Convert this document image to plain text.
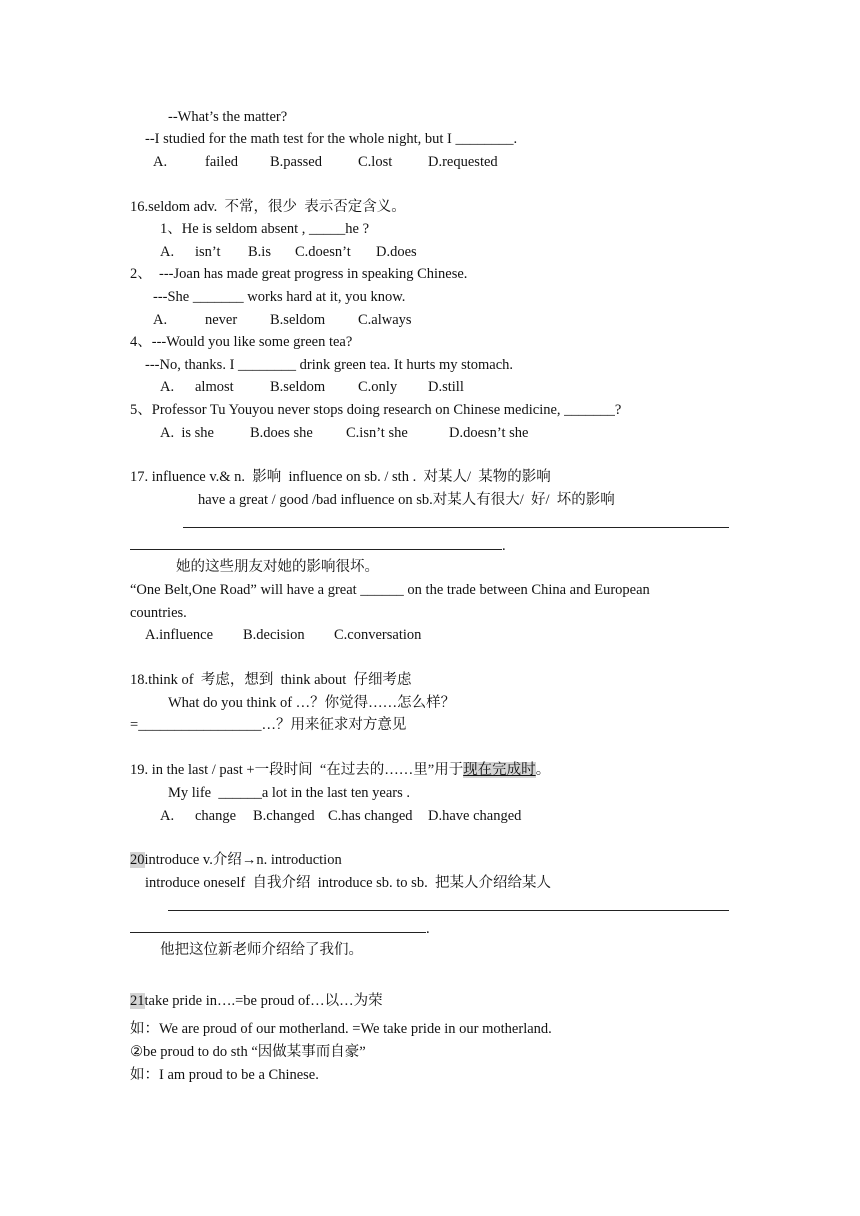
--What’s the matter?
--I studied for the math test for the whole night, but I ________.
A.	failed B.passed C.lost D.requested
16.seldom adv.  不常，很少  表示否定含义。
1、He is seldom absent , _____he ?
A. isn’t B.is C.doesn’t D.does
2、  ---Joan has made great progress in speaking Chinese.
---She _______ works hard at it, you know.
A.	never B.seldom C.always
4、---Would you like some green tea?
---No, thanks. I ________ drink green tea. It hurts my stomach.
A. almost	B.seldom C.only D.still
5、Professor Tu Youyou never stops doing research on Chinese medicine, _______?
A.  is she B.does she C.isn’t she	D.doesn’t she
17. influence v.& n.  影响  influence on sb. / sth .  对某人/  某物的影响
have a great / good /bad influence on sb.对某人有很大/  好/  坏的影响
.
她的这些朋友对她的影响很坏。
“One Belt,One Road” will have a great ______ on the trade between China and European
countries.
A.influence B.decision C.conversation
18.think of  考虑，想到  think about  仔细考虑
What do you think of …？你觉得……怎么样？
=_________________…？用来征求对方意见
19. in the last / past +一段时间  “在过去的……里”用于现在完成时。
My life  ______a lot in the last ten years .
A. change B.changed C.has changed D.have changed
20introduce v.介绍→n. introduction
introduce oneself  自我介绍  introduce sb. to sb.  把某人介绍给某人
.
他把这位新老师介绍给了我们。
21take pride in….=be proud of…以…为荣
如：We are proud of our motherland. =We take pride in our motherland.
②be proud to do sth “因做某事而自豪”
如：I am proud to be a Chinese.
